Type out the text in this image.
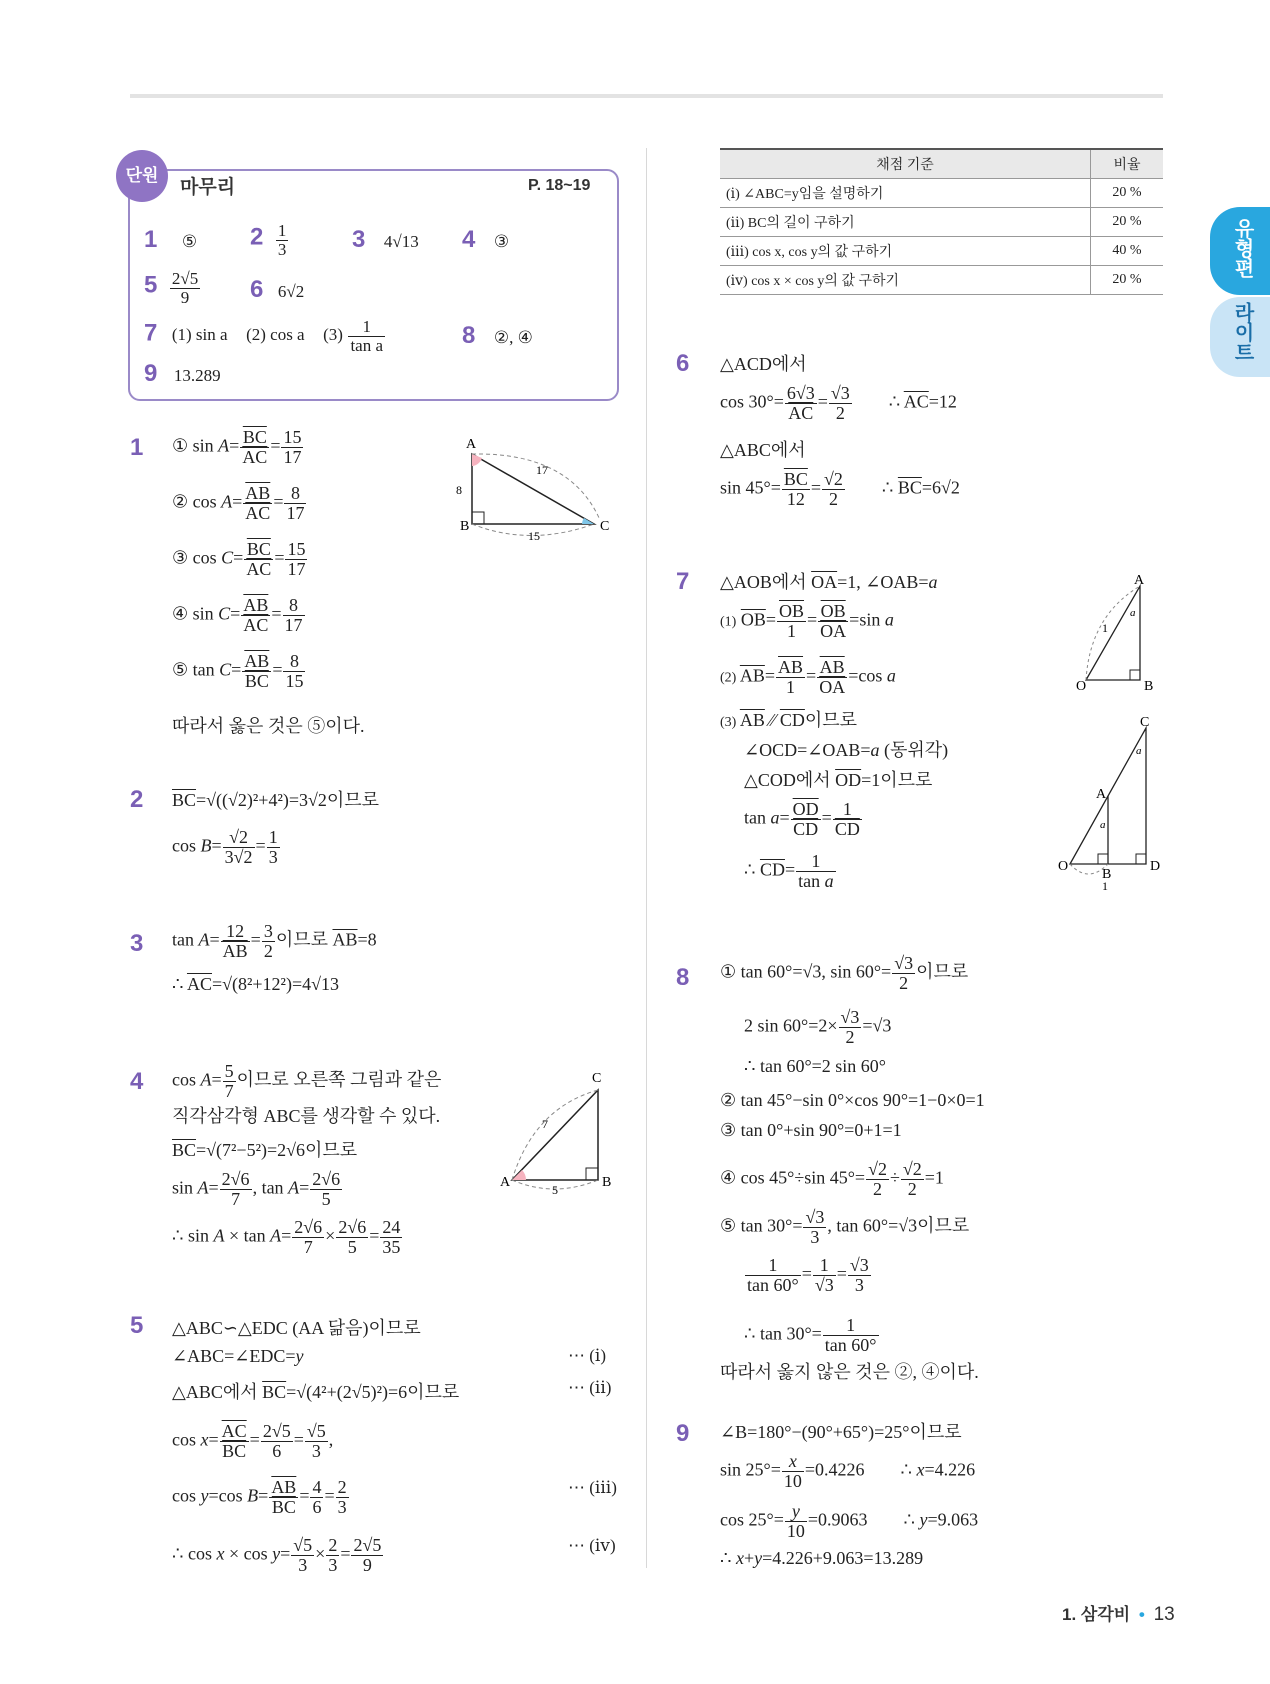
단원
마무리	P. 18~19
1 ⑤ $2 \frac{1}{3}$	3 4√13 4 ③
$5 \frac{2√5}{9} 6$ 6√2
7 (1) sin a (2) cos a $(3) \frac{1}{\text{tan a}}$	8 ②, ④
9 13.289
1 ① $\sin A= \frac{\overline{BC}}{AC} = \frac{15}{17}$
② $\cos A= \frac{\overline{AB}}{AC} = \frac{8}{17}$
③ $\cos C= \frac{\overline{BC}}{AC} = \frac{15}{17}$
④ $\sin C= \frac{\overline{AB}}{AC} = \frac{8}{17}$
⑤ $\tan C= \frac{\overline{AB}}{BC} = \frac{8}{15}$
따라서 옳은 것은 ⑤이다.
A
B	C
8
15
17
2 $\overline{BC}=√((√2)^2+4^2)=3√2$이므로
$\cos B= \frac{√2}{3√2} = \frac{1}{3}$
3 $\tan A= \frac{12}{AB} = \frac{3}{2}$ 이므로 $\overline{AB}=8$
∴ $\overline{AC}=√(8^2+12^2)=4√13$
4 $\cos A= \frac{5}{7}$ 이므로 오른쪽 그림과 같은
직각삼각형 ABC를 생각할 수 있다.
$\overline{BC}=√(7^2-5^2)=2√6$이므로
$\sin A= \frac{2√6}{7}$ , $\tan A= \frac{2√6}{5}$
∴ $\sin A \times \tan A= \frac{2√6}{7} \times \frac{2√6}{5} = \frac{24}{35}$
A	B
C
7
5
5 △ABC∽△EDC (AA 닮음)이므로
∠ABC=∠EDC=y
△ABC에서 $\overline{BC}=√(4^2+(2√5)^2)=6$이므로
$\cos x= \frac{\overline{AC}}{BC} = \frac{2√5}{6} = \frac{√5}{3}$ ,
cos y=cos $B= \frac{\overline{AB}}{BC} = \frac{4}{6} = \frac{2}{3}$
∴ $\cos x \times \cos y= \frac{√5}{3} \times \frac{2}{3} = \frac{2√5}{9}$
⋯ (ⅰ)
⋯ (ⅱ)
⋯ (ⅲ)
⋯ (ⅳ)
채점 기준	비율
(ⅰ) ∠ABC=y임을 설명하기	20 %
(ⅱ) BC의 길이 구하기	20 %
(ⅲ) cos x, cos y의 값 구하기	40 %
(ⅳ) cos x × cos y의 값 구하기	20 %
6 △ACD에서
$\cos 30^\circ= \frac{6√3}{AC} = \frac{√3}{2}$ ∴ $\overline{AC}=12$
△ABC에서
$\sin 45^\circ= \frac{\overline{BC}}{12} = \frac{√2}{2}$ ∴ $\overline{BC}=6√2$
7 △AOB에서 $\overline{OA}=1$, ∠OAB=a
(1) $\overline{OB}= \frac{\overline{OB}}{1} = \frac{\overline{OB}}{OA} =\sin$ a
(2) $\overline{AB}= \frac{\overline{AB}}{1} = \frac{\overline{AB}}{OA} =\cos$ a
(3) $\overline{AB}$ ⁄⁄ $\overline{CD}$이므로
∠OCD=∠OAB=a (동위각)
△COD에서 $\overline{OD}=1$이므로
$\tan a= \frac{\overline{OD}}{CD} = \frac{1}{CD}$
∴ $\overline{CD}= \frac{1}{\text{tan a}}$
A
O	B
1
a
C
A
O
B
D
1
a
a
8 ① tan 60°=√3, $\sin 60^\circ= \frac{√3}{2}$ 이므로
2 $\sin 60^\circ=2\times \frac{√3}{2} =√3$
∴ tan 60°=2 sin 60°
② tan 45°−sin 0°×cos 90°=1−0×0=1
③ tan 0°+sin 90°=0+1=1
④ cos 45°÷sin $45^\circ= \frac{√2}{2} \div \frac{√2}{2} =1$
⑤ $\tan 30^\circ= \frac{√3}{3}$ , tan 60°=√3이므로
$\frac{1}{\tan 60^\circ} = \frac{1}{√3} = \frac{√3}{3}$
∴ $\tan 30^\circ= \frac{1}{\tan 60^\circ}$
따라서 옳지 않은 것은 ②, ④이다.
9 ∠B=180°−(90°+65°)=25°이므로
$\sin 25^\circ= \frac{x}{10} =0.4226$        ∴ x=4.226
$\cos 25^\circ= \frac{y}{10} =0.9063$        ∴ y=9.063
∴ x+y=4.226+9.063=13.289
유형편
라이트
1. 삼각비 • 13
